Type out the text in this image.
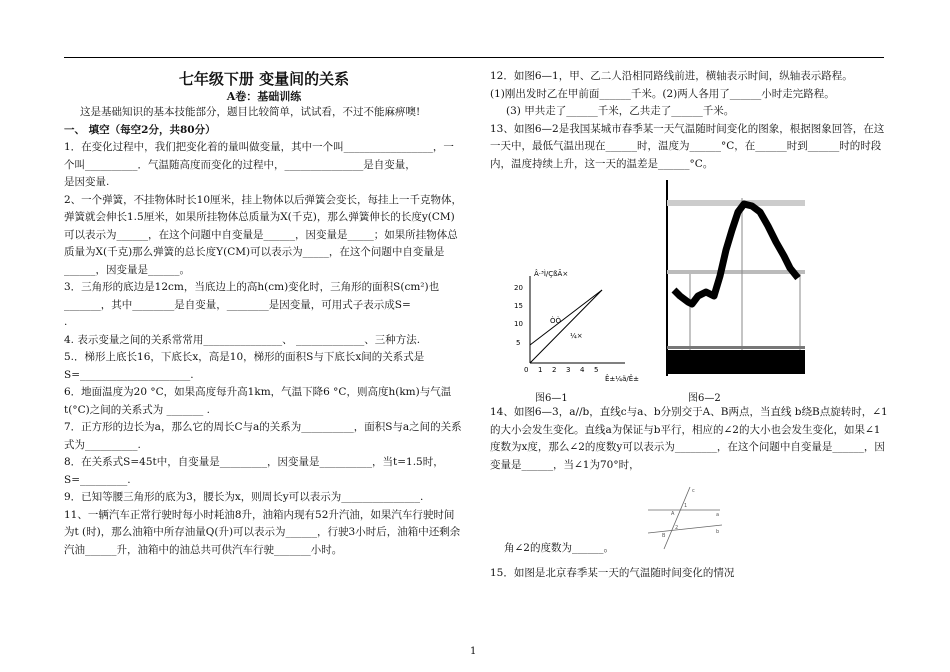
七年级下册 变量间的关系
A卷：基础训练

这是基础知识的基本技能部分，题目比较简单，试试看，不过不能麻痹噢!

一、 填空（每空2分，共80分）

1．在变化过程中，我们把变化着的量叫做变量，其中一个叫_________________，一个叫__________．气温随高度而变化的过程中，_______________是自变量，

是因变量.

2、一个弹簧，不挂物体时长10厘米，挂上物体以后弹簧会变长，每挂上一千克物体，弹簧就会伸长1.5厘米，如果所挂物体总质量为X(千克)，那么弹簧伸长的长度y(CM)可以表示为______，在这个问题中自变量是______，因变量是_____；如果所挂物体总质量为X(千克)那么弹簧的总长度Y(CM)可以表示为_____，在这个问题中自变量是______，因变量是______。

3．三角形的底边是12cm，当底边上的高h(cm)变化时，三角形的面积S(cm²)也_______，其中________是自变量，________是因变量，可用式子表示成S=

.

4. 表示变量之间的关系常常用_______________、 _____________、三种方法.

5.．梯形上底长16，下底长x，高是10，梯形的面积S与下底长x间的关系式是S=_____________________.

6．地面温度为20 °C，如果高度每升高1km，气温下降6 °C，则高度h(km)与气温t(°C)之间的关系式为 _______ .

7．正方形的边长为a，那么它的周长C与a的关系为__________，面积S与a之间的关系式为__________.

8．在关系式S=45t中，自变量是_________，因变量是__________，当t=1.5时，S=_________.

9．已知等腰三角形的底为3，腰长为x，则周长y可以表示为_______________.

11、一辆汽车正常行驶时每小时耗油8升，油箱内现有52升汽油，如果汽车行驶时间为t (时)，那么油箱中所存油量Q(升)可以表示为______，行驶3小时后，油箱中还剩余汽油______升，油箱中的油总共可供汽车行驶_______小时。

12．如图6—1，甲、乙二人沿相同路线前进，横轴表示时间，纵轴表示路程。

(1)刚出发时乙在甲前面______千米。(2)两人各用了______小时走完路程。

(3) 甲共走了______千米，乙共走了______千米。

13、如图6—2是我国某城市春季某一天气温随时间变化的图象，根据图象回答，在这一天中，最低气温出现在______时，温度为______°C，在______时到______时的时段内，温度持续上升，这一天的温差是______°C。

Â·³Ì/ÇßÃ×
Ê±¼ä/Ê±
20
15
10
5
0 1 2 3 4 5
ÒÒ
¼×
图6—1	图6—2

14、如图6—3，a//b，直线c与a、b分别交于A、B两点，当直线 b绕B点旋转时，∠1的大小会发生变化。直线a为保证与b平行，相应的∠2的大小也会发生变化，如果∠1度数为x度，那么∠2的度数y可以表示为________，在这个问题中自变量是______，因变量是______，当∠1为70°时，

c
1
2
A
B
a
b

角∠2的度数为______。

15．如图是北京春季某一天的气温随时间变化的情况

1
